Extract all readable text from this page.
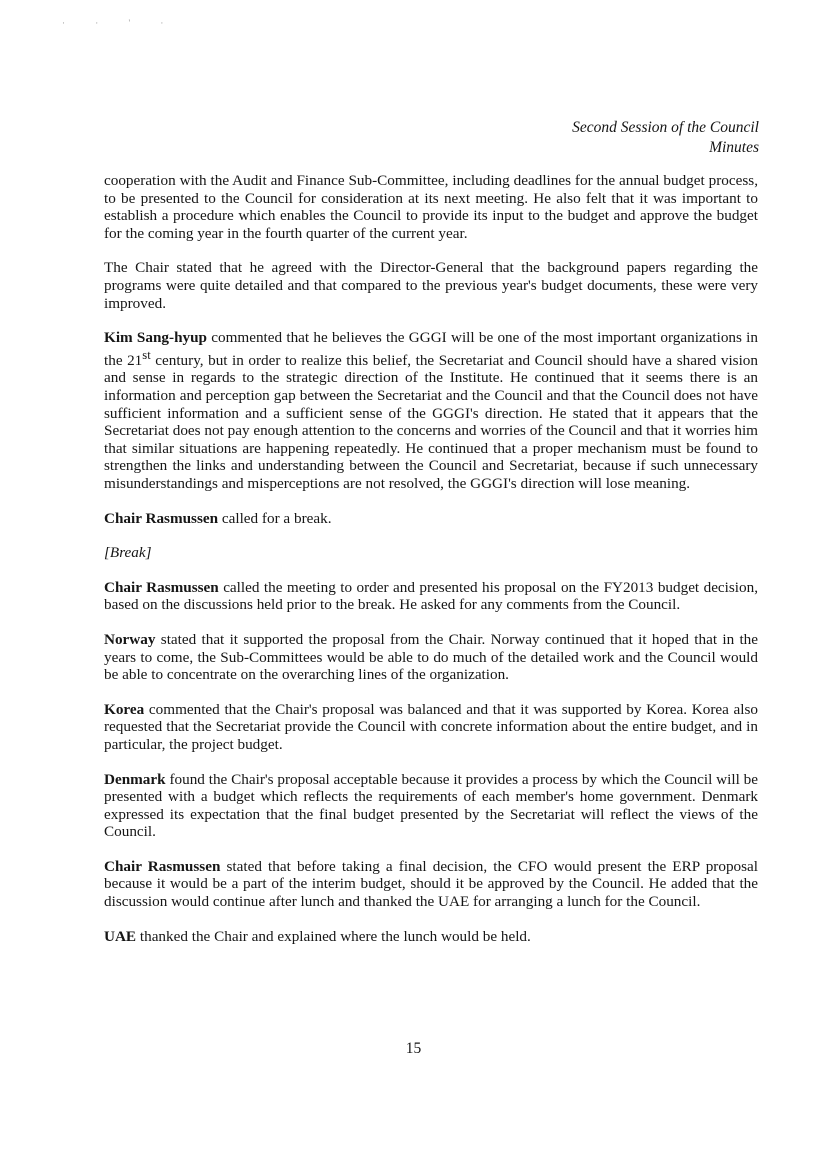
· · ' ·
Second Session of the Council
Minutes

cooperation with the Audit and Finance Sub-Committee, including deadlines for the annual budget process, to be presented to the Council for consideration at its next meeting. He also felt that it was important to establish a procedure which enables the Council to provide its input to the budget and approve the budget for the coming year in the fourth quarter of the current year.

The Chair stated that he agreed with the Director-General that the background papers regarding the programs were quite detailed and that compared to the previous year's budget documents, these were very improved.

Kim Sang-hyup commented that he believes the GGGI will be one of the most important organizations in the 21st century, but in order to realize this belief, the Secretariat and Council should have a shared vision and sense in regards to the strategic direction of the Institute. He continued that it seems there is an information and perception gap between the Secretariat and the Council and that the Council does not have sufficient information and a sufficient sense of the GGGI's direction. He stated that it appears that the Secretariat does not pay enough attention to the concerns and worries of the Council and that it worries him that similar situations are happening repeatedly. He continued that a proper mechanism must be found to strengthen the links and understanding between the Council and Secretariat, because if such unnecessary misunderstandings and misperceptions are not resolved, the GGGI's direction will lose meaning.

Chair Rasmussen called for a break.

[Break]

Chair Rasmussen called the meeting to order and presented his proposal on the FY2013 budget decision, based on the discussions held prior to the break. He asked for any comments from the Council.

Norway stated that it supported the proposal from the Chair. Norway continued that it hoped that in the years to come, the Sub-Committees would be able to do much of the detailed work and the Council would be able to concentrate on the overarching lines of the organization.

Korea commented that the Chair's proposal was balanced and that it was supported by Korea. Korea also requested that the Secretariat provide the Council with concrete information about the entire budget, and in particular, the project budget.

Denmark found the Chair's proposal acceptable because it provides a process by which the Council will be presented with a budget which reflects the requirements of each member's home government. Denmark expressed its expectation that the final budget presented by the Secretariat will reflect the views of the Council.

Chair Rasmussen stated that before taking a final decision, the CFO would present the ERP proposal because it would be a part of the interim budget, should it be approved by the Council. He added that the discussion would continue after lunch and thanked the UAE for arranging a lunch for the Council.

UAE thanked the Chair and explained where the lunch would be held.

15
